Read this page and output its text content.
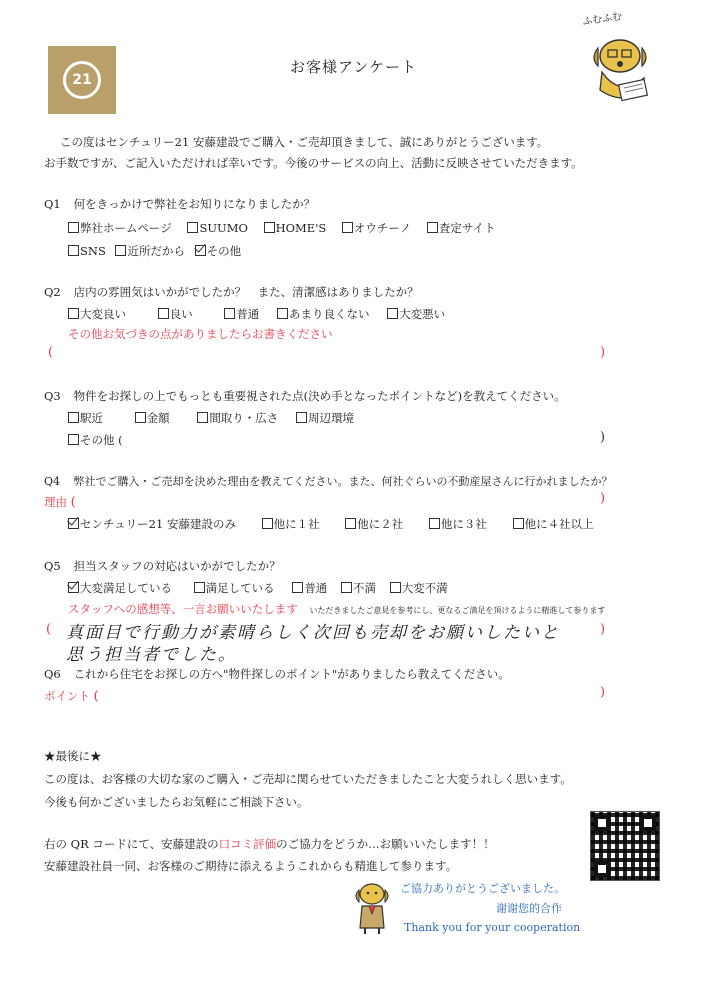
21
お客様アンケート
ふむふむ
この度はセンチュリー21 安藤建設でご購入・ご売却頂きまして、誠にありがとうございます。
お手数ですが、ご記入いただければ幸いです。今後のサービスの向上、活動に反映させていただきます。
Q1 何をきっかけで弊社をお知りになりましたか？
弊社ホームページ SUUMO HOME'S オウチーノ 査定サイト
SNS 近所だから その他
Q2 店内の雰囲気はいかがでしたか？　また、清潔感はありましたか？
大変良い	良い	普通	あまり良くない	大変悪い
その他お気づきの点がありましたらお書きください
(	)
Q3 物件をお探しの上でもっとも重要視された点(決め手となったポイントなど)を教えてください。
駅近	金額	間取り・広さ	周辺環境
その他 (	)
Q4 弊社でご購入・ご売却を決めた理由を教えてください。また、何社ぐらいの不動産屋さんに行かれましたか？
理由 (	)
センチュリー21 安藤建設のみ	他に１社	他に２社	他に３社	他に４社以上
Q5 担当スタッフの対応はいかがでしたか？
大変満足している	満足している	普通 不満 大変不満
スタッフへの感想等、一言お願いいたします いただきましたご意見を参考にし、更なるご満足を頂けるように精進して参ります
(	)
真面目で行動力が素晴らしく次回も売却をお願いしたいと
思う担当者でした。
Q6 これから住宅をお探しの方へ"物件探しのポイント"がありましたら教えてください。
ポイント (	)
★最後に★
この度は、お客様の大切な家のご購入・ご売却に関らせていただきましたこと大変うれしく思います。
今後も何かございましたらお気軽にご相談下さい。
右の QR コードにて、安藤建設の口コミ評価のご協力をどうか…お願いいたします！！
安藤建設社員一同、お客様のご期待に添えるようこれからも精進して参ります。
ご協力ありがとうございました。
谢谢您的合作
Thank you for your cooperation
